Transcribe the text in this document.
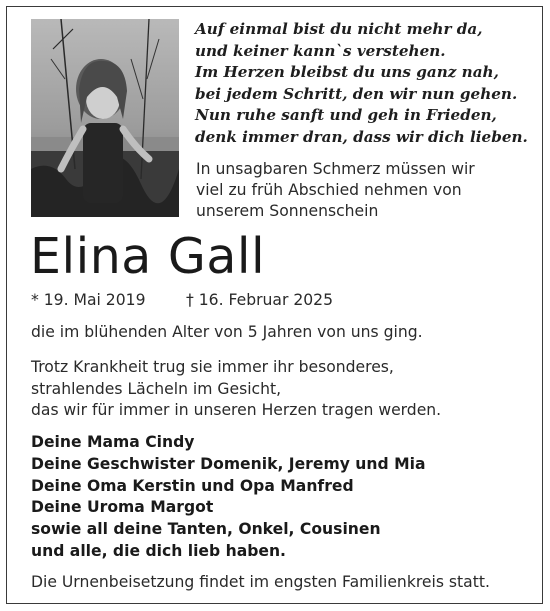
Auf einmal bist du nicht mehr da,
und keiner kann`s verstehen.
Im Herzen bleibst du uns ganz nah,
bei jedem Schritt, den wir nun gehen.
Nun ruhe sanft und geh in Frieden,
denk immer dran, dass wir dich lieben.
In unsagbaren Schmerz müssen wir
viel zu früh Abschied nehmen von
unserem Sonnenschein
Elina Gall
* 19. Mai 2019	† 16. Februar 2025
die im blühenden Alter von 5 Jahren von uns ging.
Trotz Krankheit trug sie immer ihr besonderes,
strahlendes Lächeln im Gesicht,
das wir für immer in unseren Herzen tragen werden.
Deine Mama Cindy
Deine Geschwister Domenik, Jeremy und Mia
Deine Oma Kerstin und Opa Manfred
Deine Uroma Margot
sowie all deine Tanten, Onkel, Cousinen
und alle, die dich lieb haben.
Die Urnenbeisetzung findet im engsten Familienkreis statt.
